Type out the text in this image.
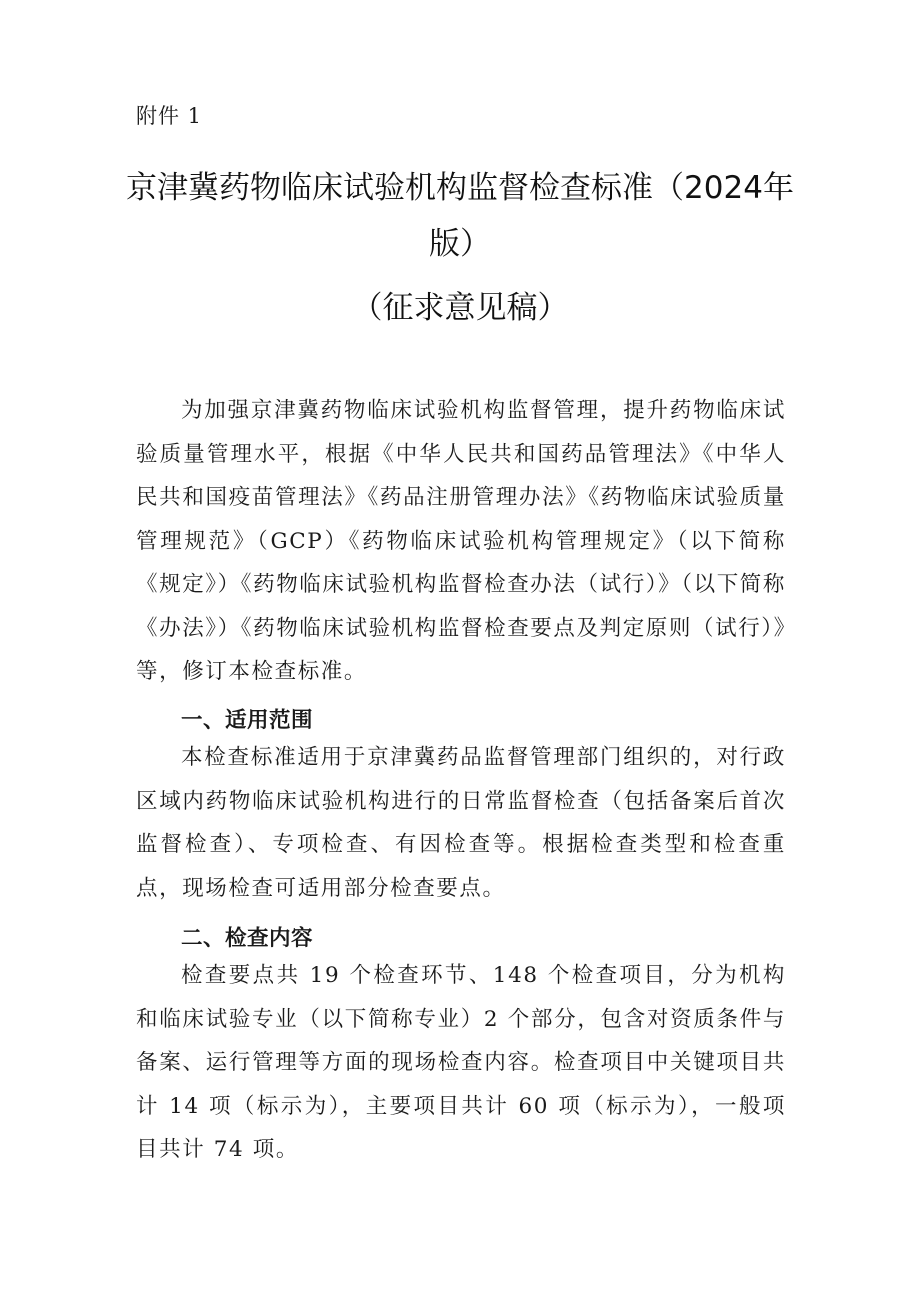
附件 1
京津冀药物临床试验机构监督检查标准（2024年版）
（征求意见稿）

为加强京津冀药物临床试验机构监督管理，提升药物临床试验质量管理水平，根据《中华人民共和国药品管理法》《中华人民共和国疫苗管理法》《药品注册管理办法》《药物临床试验质量管理规范》（GCP）《药物临床试验机构管理规定》（以下简称《规定》）《药物临床试验机构监督检查办法（试行）》（以下简称《办法》）《药物临床试验机构监督检查要点及判定原则（试行）》等，修订本检查标准。

一、适用范围

本检查标准适用于京津冀药品监督管理部门组织的，对行政区域内药物临床试验机构进行的日常监督检查（包括备案后首次监督检查）、专项检查、有因检查等。根据检查类型和检查重点，现场检查可适用部分检查要点。

二、检查内容

检查要点共 19 个检查环节、148 个检查项目，分为机构和临床试验专业（以下简称专业）2 个部分，包含对资质条件与备案、运行管理等方面的现场检查内容。检查项目中关键项目共计 14 项（标示为），主要项目共计 60 项（标示为），一般项目共计 74 项。
